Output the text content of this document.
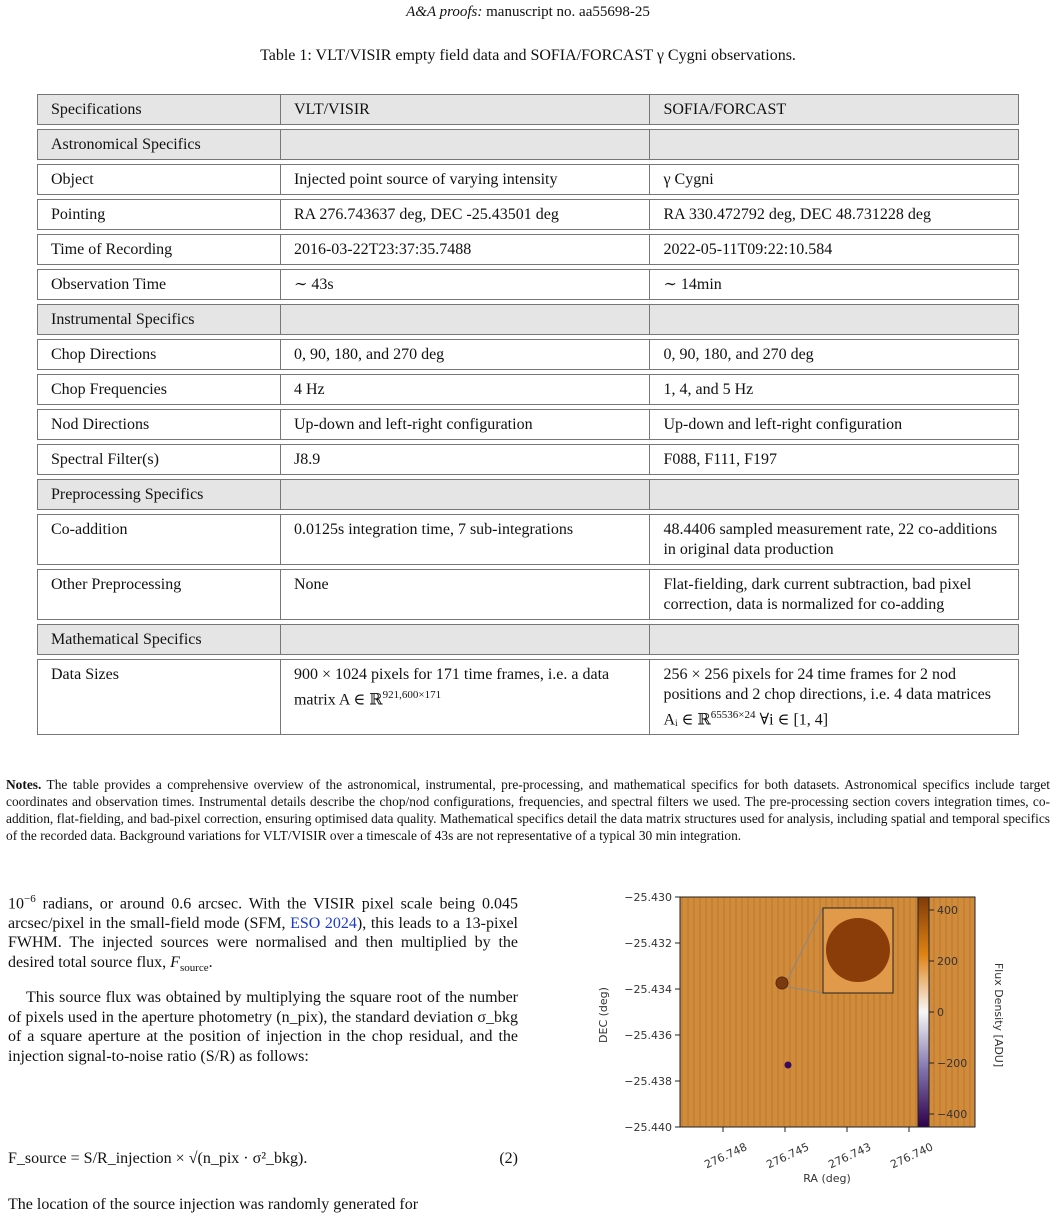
A&A proofs: manuscript no. aa55698-25
Table 1: VLT/VISIR empty field data and SOFIA/FORCAST γ Cygni observations.
Specifications	VLT/VISIR	SOFIA/FORCAST
Astronomical Specifics		
Object	Injected point source of varying intensity	γ Cygni
Pointing	RA 276.743637 deg, DEC -25.43501 deg	RA 330.472792 deg, DEC 48.731228 deg
Time of Recording	2016-03-22T23:37:35.7488	2022-05-11T09:22:10.584
Observation Time	∼ 43s	∼ 14min
Instrumental Specifics		
Chop Directions	0, 90, 180, and 270 deg	0, 90, 180, and 270 deg
Chop Frequencies	4 Hz	1, 4, and 5 Hz
Nod Directions	Up-down and left-right configuration	Up-down and left-right configuration
Spectral Filter(s)	J8.9	F088, F111, F197
Preprocessing Specifics		
Co-addition	0.0125s integration time, 7 sub-integrations	48.4406 sampled measurement rate, 22 co-additions in original data production
Other Preprocessing	None	Flat-fielding, dark current subtraction, bad pixel correction, data is normalized for co-adding
Mathematical Specifics		
Data Sizes	900 × 1024 pixels for 171 time frames, i.e. a data matrix A ∈ ℝ$^{921,600\times 171}$	256 × 256 pixels for 24 time frames for 2 nod positions and 2 chop directions, i.e. 4 data matrices Aᵢ ∈ ℝ$^{65536\times 24}$ ∀i ∈ [1, 4]
Notes. The table provides a comprehensive overview of the astronomical, instrumental, pre-processing, and mathematical specifics for both datasets. Astronomical specifics include target coordinates and observation times. Instrumental details describe the chop/nod configurations, frequencies, and spectral filters we used. The pre-processing section covers integration times, co-addition, flat-fielding, and bad-pixel correction, ensuring optimised data quality. Mathematical specifics detail the data matrix structures used for analysis, including spatial and temporal specifics of the recorded data. Background variations for VLT/VISIR over a timescale of 43s are not representative of a typical 30 min integration.
$10^{-6}$ radians, or around 0.6 arcsec. With the VISIR pixel scale being 0.045 arcsec/pixel in the small-field mode (SFM, ESO 2024), this leads to a 13-pixel FWHM. The injected sources were normalised and then multiplied by the desired total source flux, $F_{source}$.
This source flux was obtained by multiplying the square root of the number of pixels used in the aperture photometry (n_pix), the standard deviation σ_bkg of a square aperture at the position of injection in the chop residual, and the injection signal-to-noise ratio (S/R) as follows:
F_source = S/R_injection × √(n_pix · σ²_bkg).	(2)
The location of the source injection was randomly generated for
−25.430
−25.432
−25.434
−25.436
−25.438
−25.440
276.748 276.745 276.743 276.740
DEC (deg)
RA (deg)
400
200
0
−200
−400
Flux Density [ADU]
